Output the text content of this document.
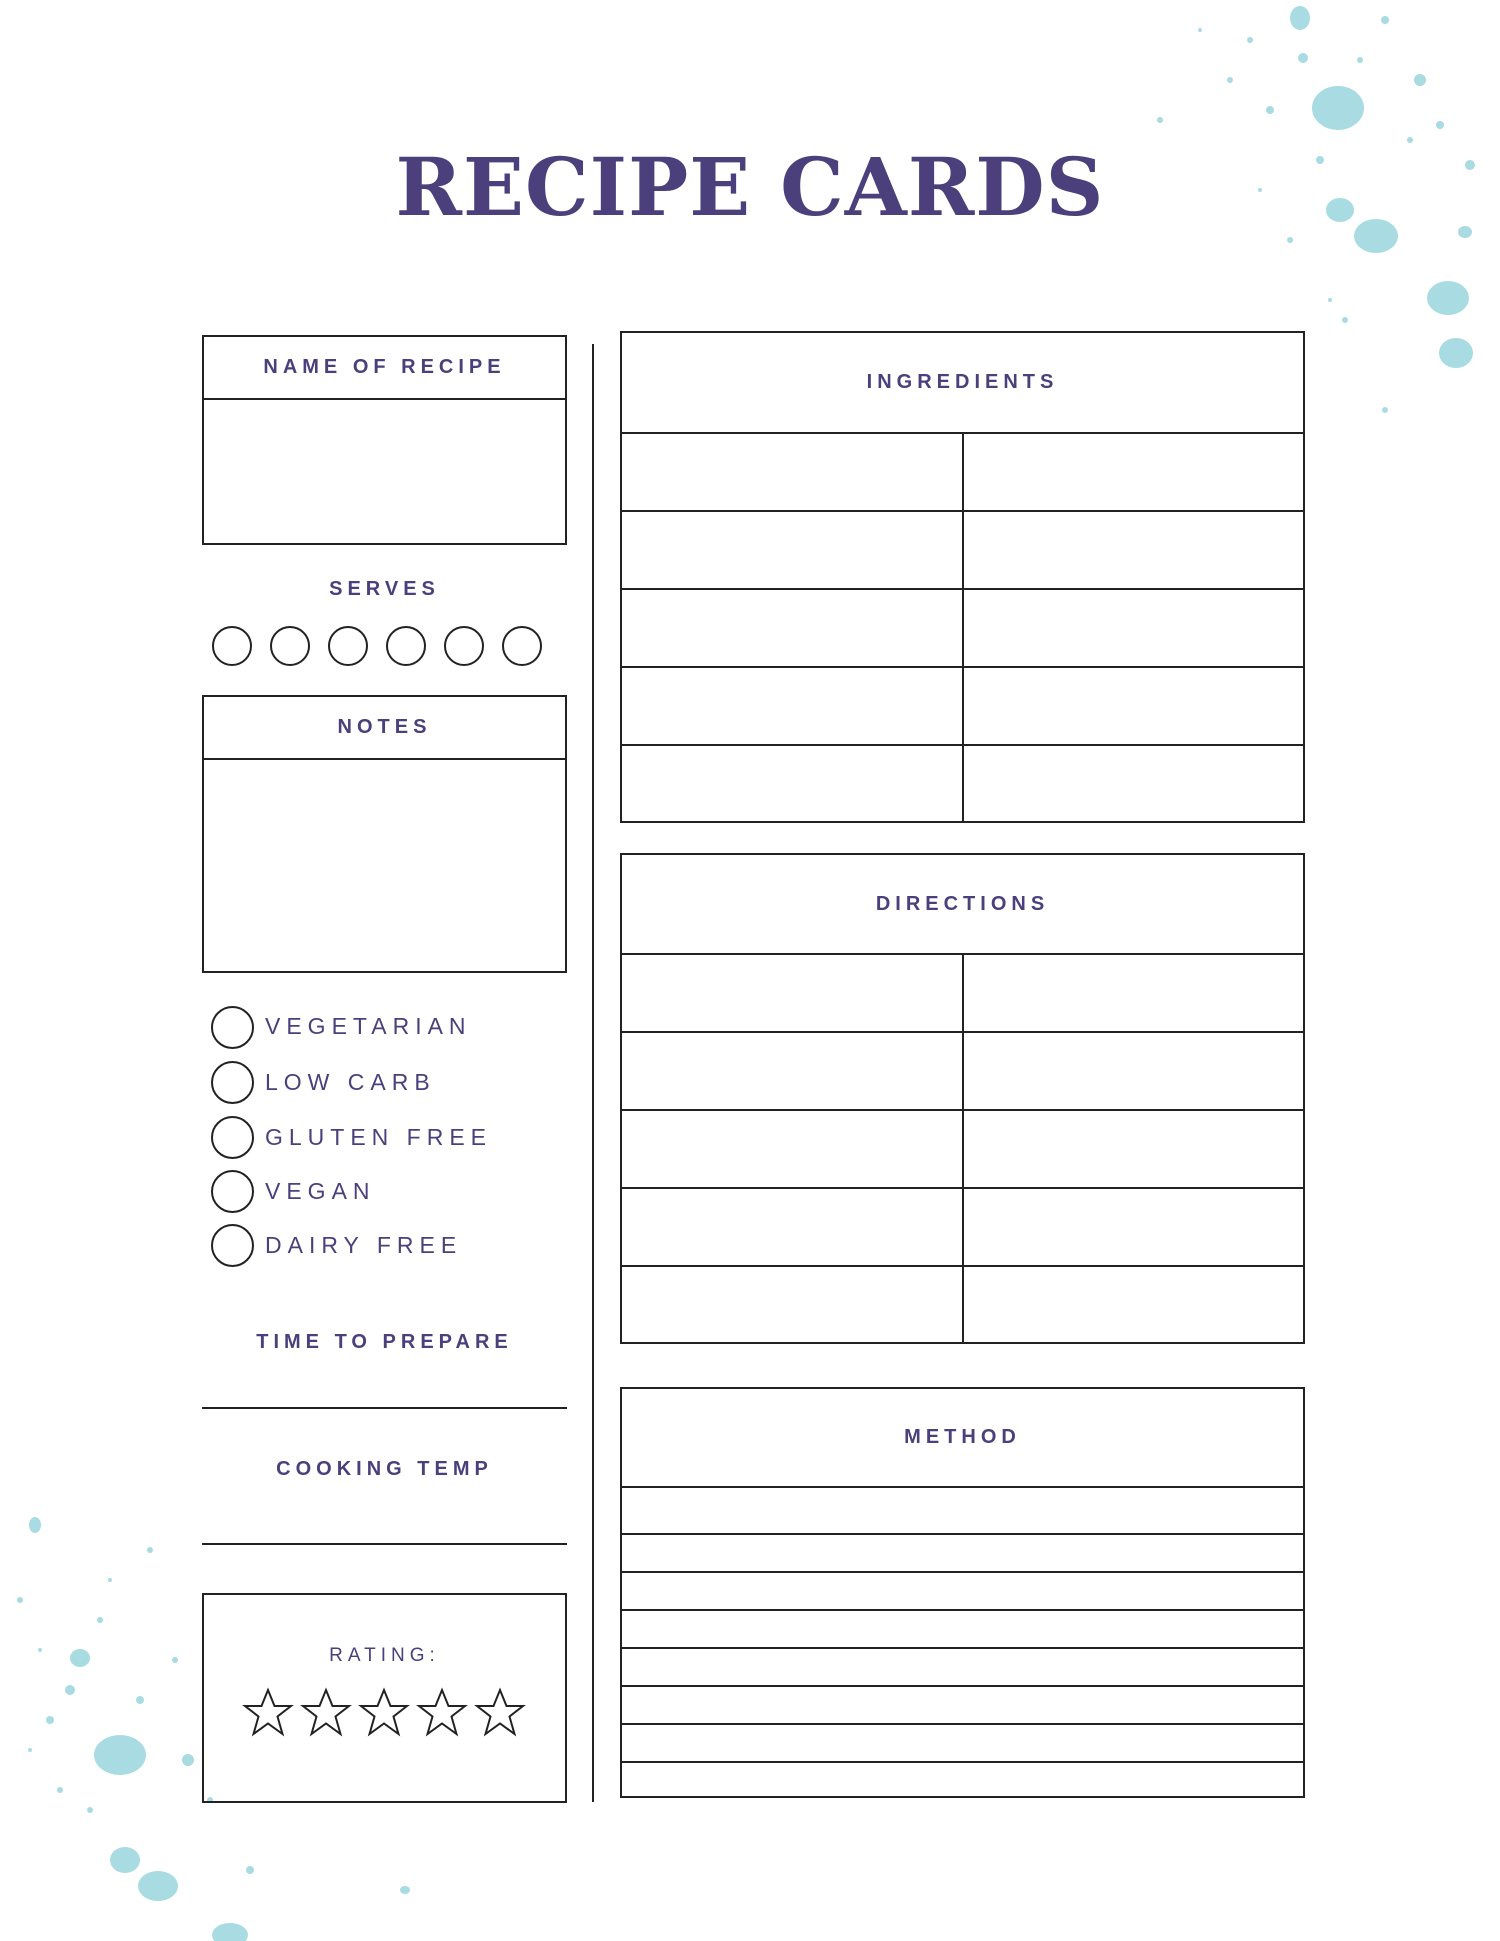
RECIPE CARDS
NAME OF RECIPE
SERVES
NOTES
VEGETARIAN
LOW CARB
GLUTEN FREE
VEGAN
DAIRY FREE
TIME TO PREPARE
COOKING TEMP
RATING:
INGREDIENTS
DIRECTIONS
METHOD
